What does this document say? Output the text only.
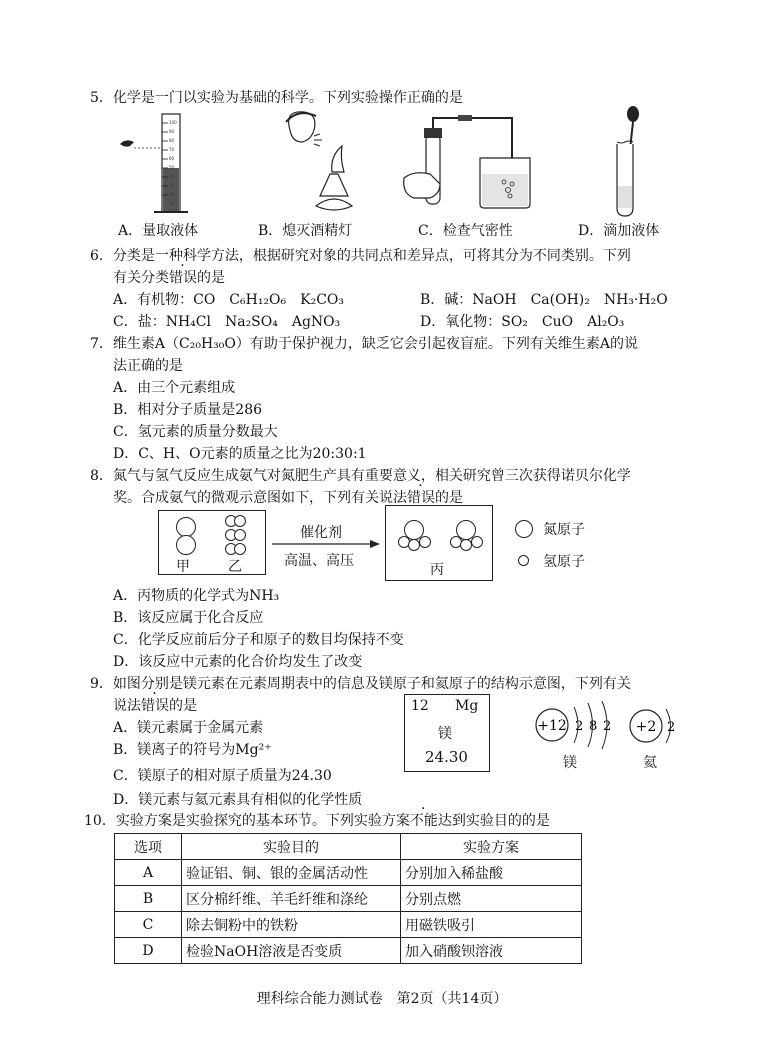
5．化学是一门以实验为基础的科学。下列实验操作正确的是
100
90
80
70
60
50
40
30
20
10
A．量取液体	B．熄灭酒精灯	C．检查气密性	D．滴加液体
6．分类是一种科学方法，根据研究对象的共同点和差异点，可将其分为不同类别。下列
有关分类错误的是
A．有机物：CO　C₆H₁₂O₆　K₂CO₃	B．碱：NaOH　Ca(OH)₂　NH₃·H₂O
C．盐：NH₄Cl　Na₂SO₄　AgNO₃	D．氧化物：SO₂　CuO　Al₂O₃
7．维生素A（C₂₀H₃₀O）有助于保护视力，缺乏它会引起夜盲症。下列有关维生素A的说
法正确的是
A．由三个元素组成
B．相对分子质量是286
C．氢元素的质量分数最大
D．C、H、O元素的质量之比为20:30:1
8．氮气与氢气反应生成氨气对氮肥生产具有重要意义，相关研究曾三次获得诺贝尔化学
奖。合成氨气的微观示意图如下，下列有关说法错误的是
甲	乙
催化剂
高温、高压
丙
氮原子
氢原子
A．丙物质的化学式为NH₃
B．该反应属于化合反应
C．化学反应前后分子和原子的数目均保持不变
D．该反应中元素的化合价均发生了改变
9．如图分别是镁元素在元素周期表中的信息及镁原子和氦原子的结构示意图，下列有关
说法错误的是
A．镁元素属于金属元素
B．镁离子的符号为Mg²⁺
C．镁原子的相对原子质量为24.30
D．镁元素与氦元素具有相似的化学性质
12 Mg
镁
24.30
+12 2 8 2
镁
+2 2
氦
10．实验方案是实验探究的基本环节。下列实验方案不能达到实验目的的是
选项	实验目的	实验方案
A	验证铝、铜、银的金属活动性	分别加入稀盐酸
B	区分棉纤维、羊毛纤维和涤纶	分别点燃
C	除去铜粉中的铁粉	用磁铁吸引
D	检验NaOH溶液是否变质	加入硝酸钡溶液
理科综合能力测试卷　第2页（共14页）
